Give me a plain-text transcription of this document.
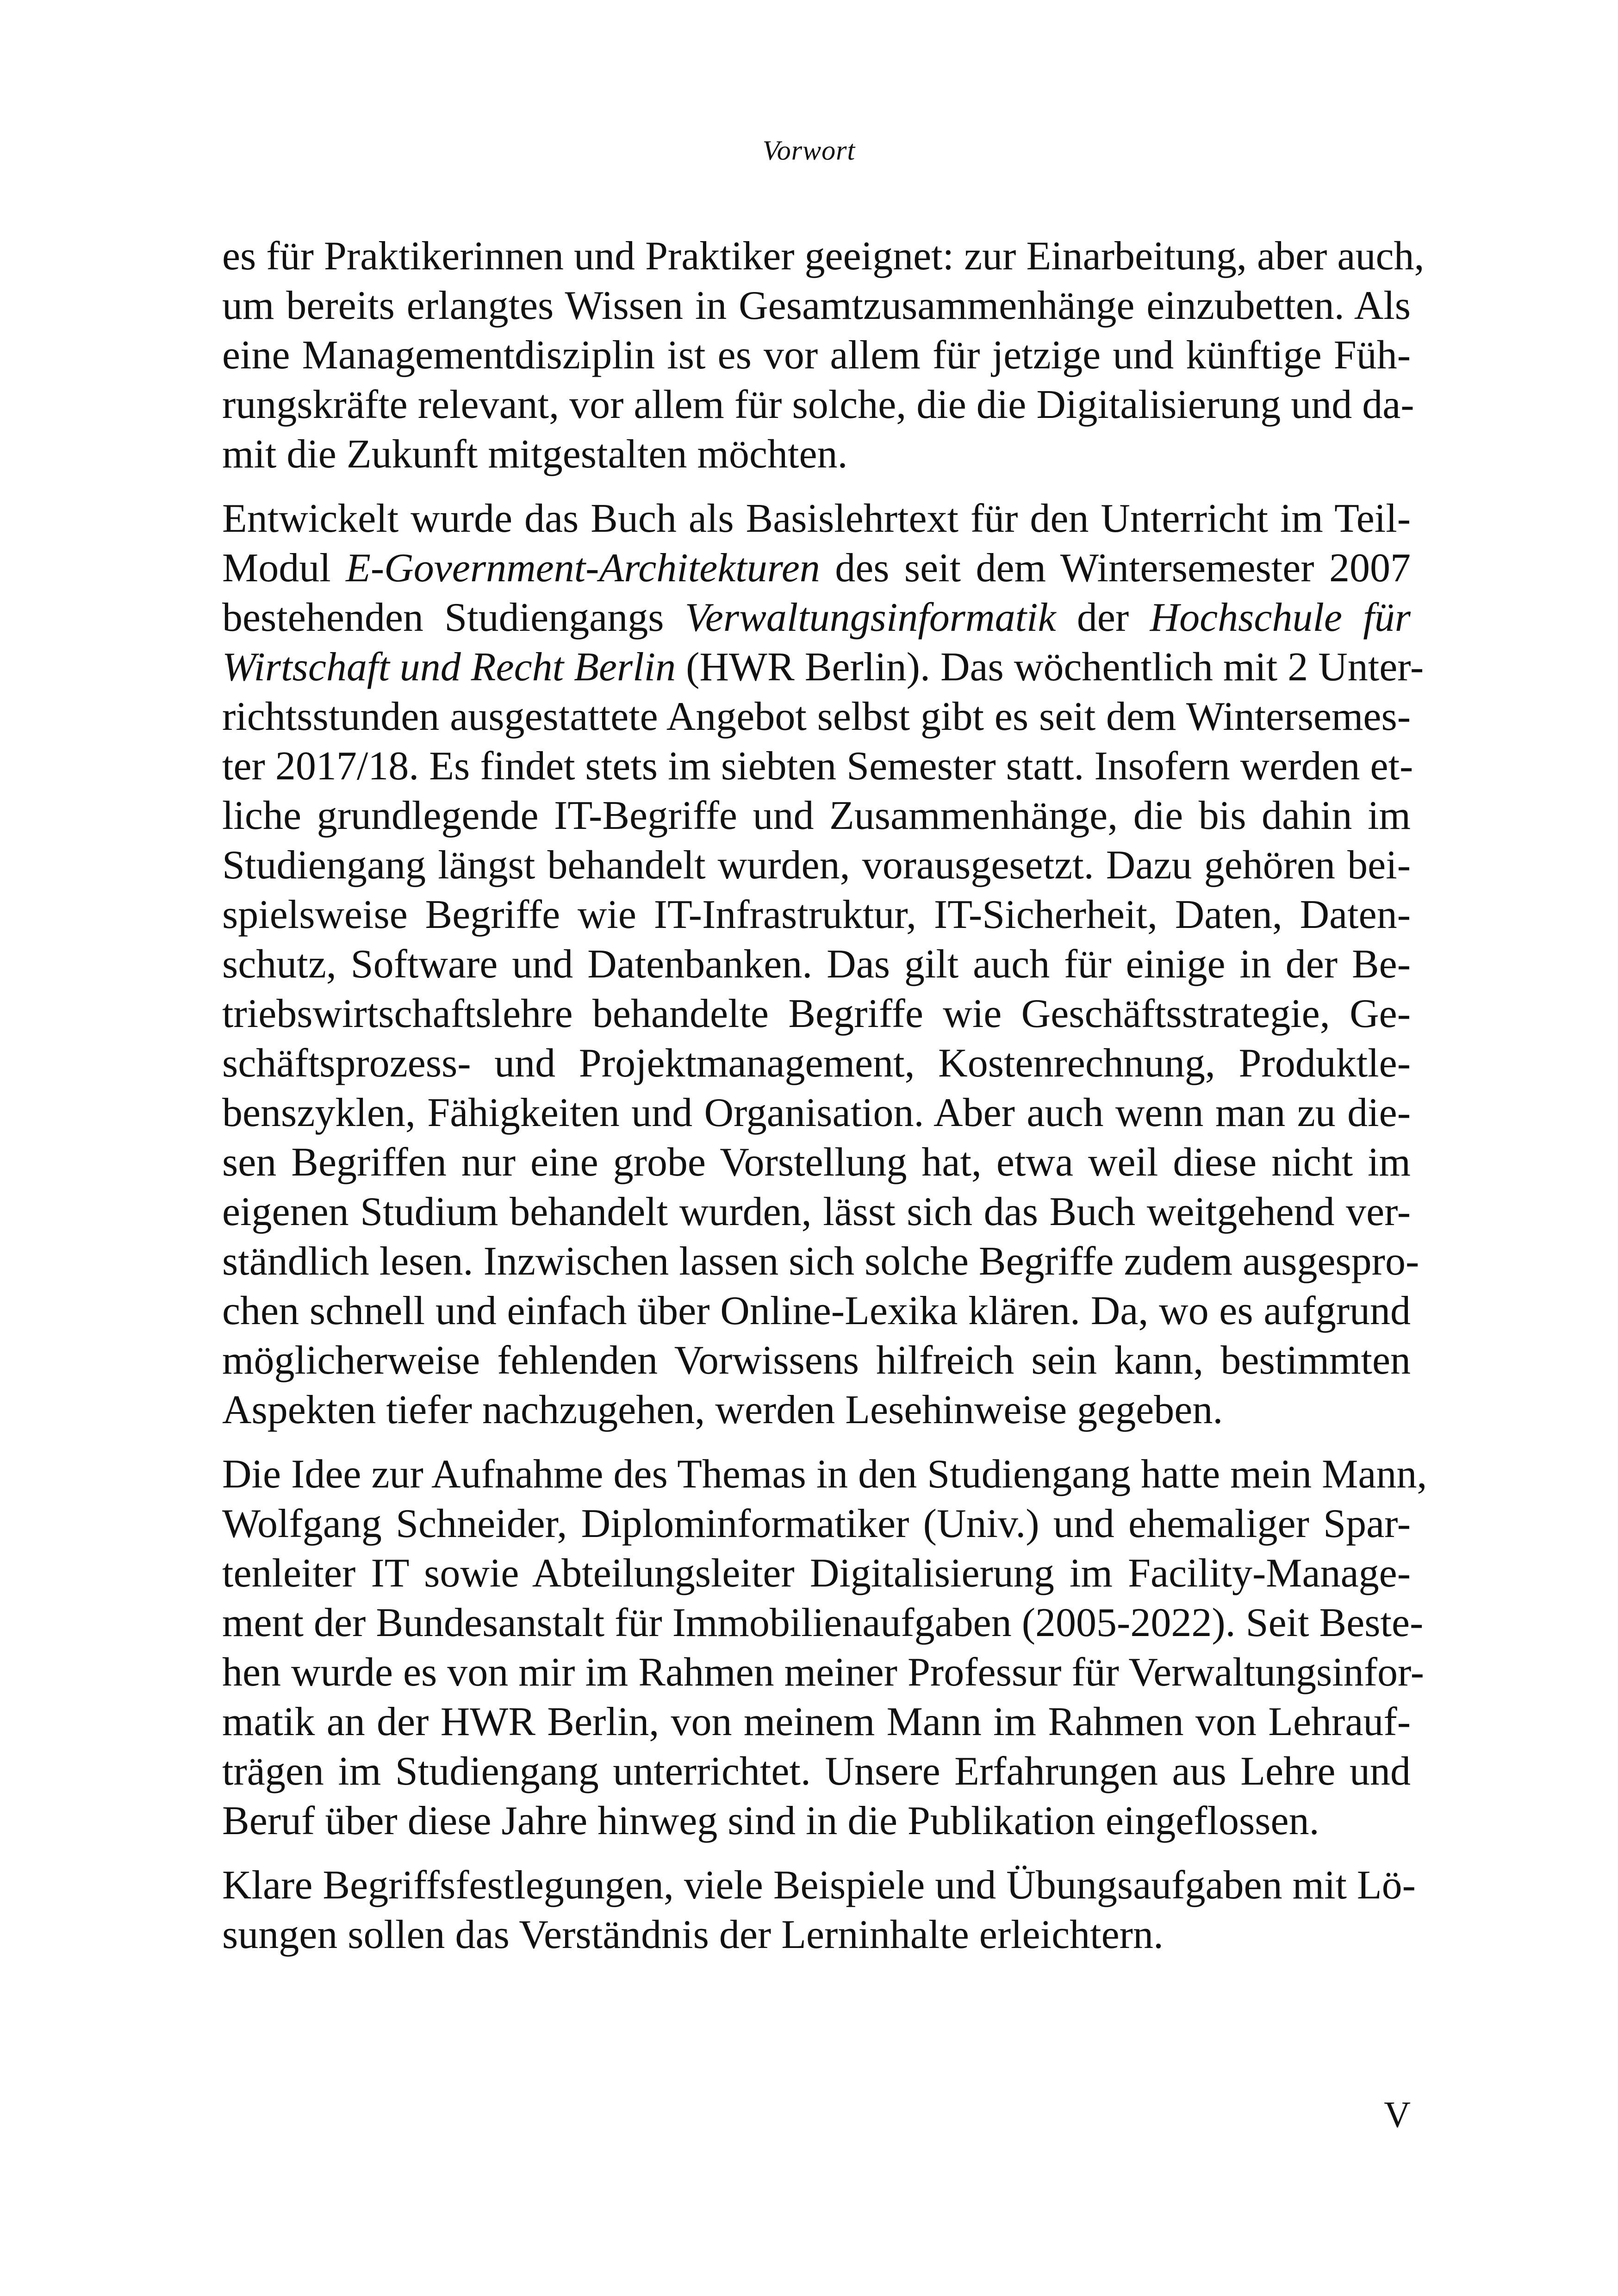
Vorwort

es für Praktikerinnen und Praktiker geeignet: zur Einarbeitung, aber auch,
um bereits erlangtes Wissen in Gesamtzusammenhänge einzubetten. Als
eine Managementdisziplin ist es vor allem für jetzige und künftige Füh-
rungskräfte relevant, vor allem für solche, die die Digitalisierung und da-
mit die Zukunft mitgestalten möchten.

Entwickelt wurde das Buch als Basislehrtext für den Unterricht im Teil-
Modul E-Government-Architekturen des seit dem Wintersemester 2007
bestehenden Studiengangs Verwaltungsinformatik der Hochschule für
Wirtschaft und Recht Berlin (HWR Berlin). Das wöchentlich mit 2 Unter-
richtsstunden ausgestattete Angebot selbst gibt es seit dem Wintersemes-
ter 2017/18. Es findet stets im siebten Semester statt. Insofern werden et-
liche grundlegende IT-Begriffe und Zusammenhänge, die bis dahin im
Studiengang längst behandelt wurden, vorausgesetzt. Dazu gehören bei-
spielsweise Begriffe wie IT-Infrastruktur, IT-Sicherheit, Daten, Daten-
schutz, Software und Datenbanken. Das gilt auch für einige in der Be-
triebswirtschaftslehre behandelte Begriffe wie Geschäftsstrategie, Ge-
schäftsprozess- und Projektmanagement, Kostenrechnung, Produktle-
benszyklen, Fähigkeiten und Organisation. Aber auch wenn man zu die-
sen Begriffen nur eine grobe Vorstellung hat, etwa weil diese nicht im
eigenen Studium behandelt wurden, lässt sich das Buch weitgehend ver-
ständlich lesen. Inzwischen lassen sich solche Begriffe zudem ausgespro-
chen schnell und einfach über Online-Lexika klären. Da, wo es aufgrund
möglicherweise fehlenden Vorwissens hilfreich sein kann, bestimmten
Aspekten tiefer nachzugehen, werden Lesehinweise gegeben.

Die Idee zur Aufnahme des Themas in den Studiengang hatte mein Mann,
Wolfgang Schneider, Diplominformatiker (Univ.) und ehemaliger Spar-
tenleiter IT sowie Abteilungsleiter Digitalisierung im Facility-Manage-
ment der Bundesanstalt für Immobilienaufgaben (2005-2022). Seit Beste-
hen wurde es von mir im Rahmen meiner Professur für Verwaltungsinfor-
matik an der HWR Berlin, von meinem Mann im Rahmen von Lehrauf-
trägen im Studiengang unterrichtet. Unsere Erfahrungen aus Lehre und
Beruf über diese Jahre hinweg sind in die Publikation eingeflossen.

Klare Begriffsfestlegungen, viele Beispiele und Übungsaufgaben mit Lö-
sungen sollen das Verständnis der Lerninhalte erleichtern.

V
